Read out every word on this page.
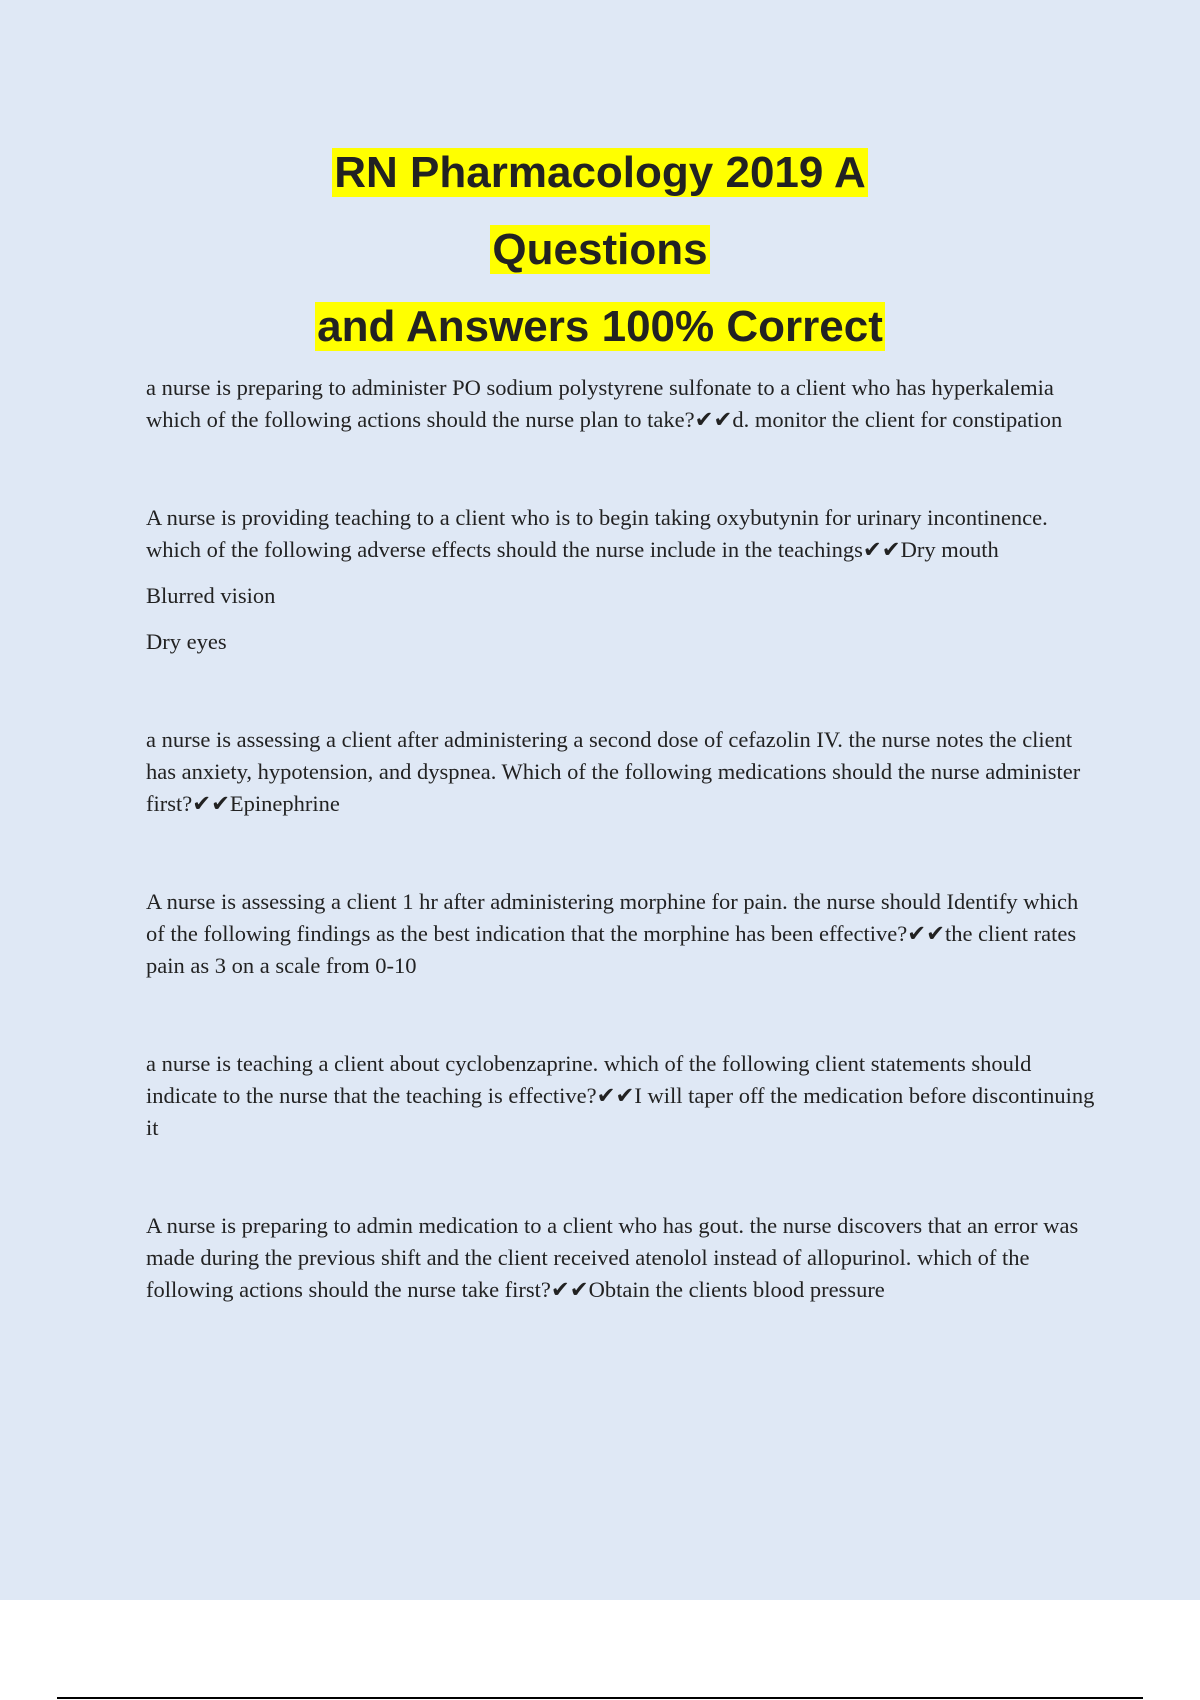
RN Pharmacology 2019 A
Questions
and Answers 100% Correct

a nurse is preparing to administer PO sodium polystyrene sulfonate to a client who has hyperkalemia which of the following actions should the nurse plan to take?✔✔d. monitor the client for constipation

A nurse is providing teaching to a client who is to begin taking oxybutynin for urinary incontinence. which of the following adverse effects should the nurse include in the teachings✔✔Dry mouth

Blurred vision

Dry eyes

a nurse is assessing a client after administering a second dose of cefazolin IV. the nurse notes the client has anxiety, hypotension, and dyspnea. Which of the following medications should the nurse administer first?✔✔Epinephrine

A nurse is assessing a client 1 hr after administering morphine for pain. the nurse should Identify which of the following findings as the best indication that the morphine has been effective?✔✔the client rates pain as 3 on a scale from 0-10

a nurse is teaching a client about cyclobenzaprine. which of the following client statements should indicate to the nurse that the teaching is effective?✔✔I will taper off the medication before discontinuing it

A nurse is preparing to admin medication to a client who has gout. the nurse discovers that an error was made during the previous shift and the client received atenolol instead of allopurinol. which of the following actions should the nurse take first?✔✔Obtain the clients blood pressure
